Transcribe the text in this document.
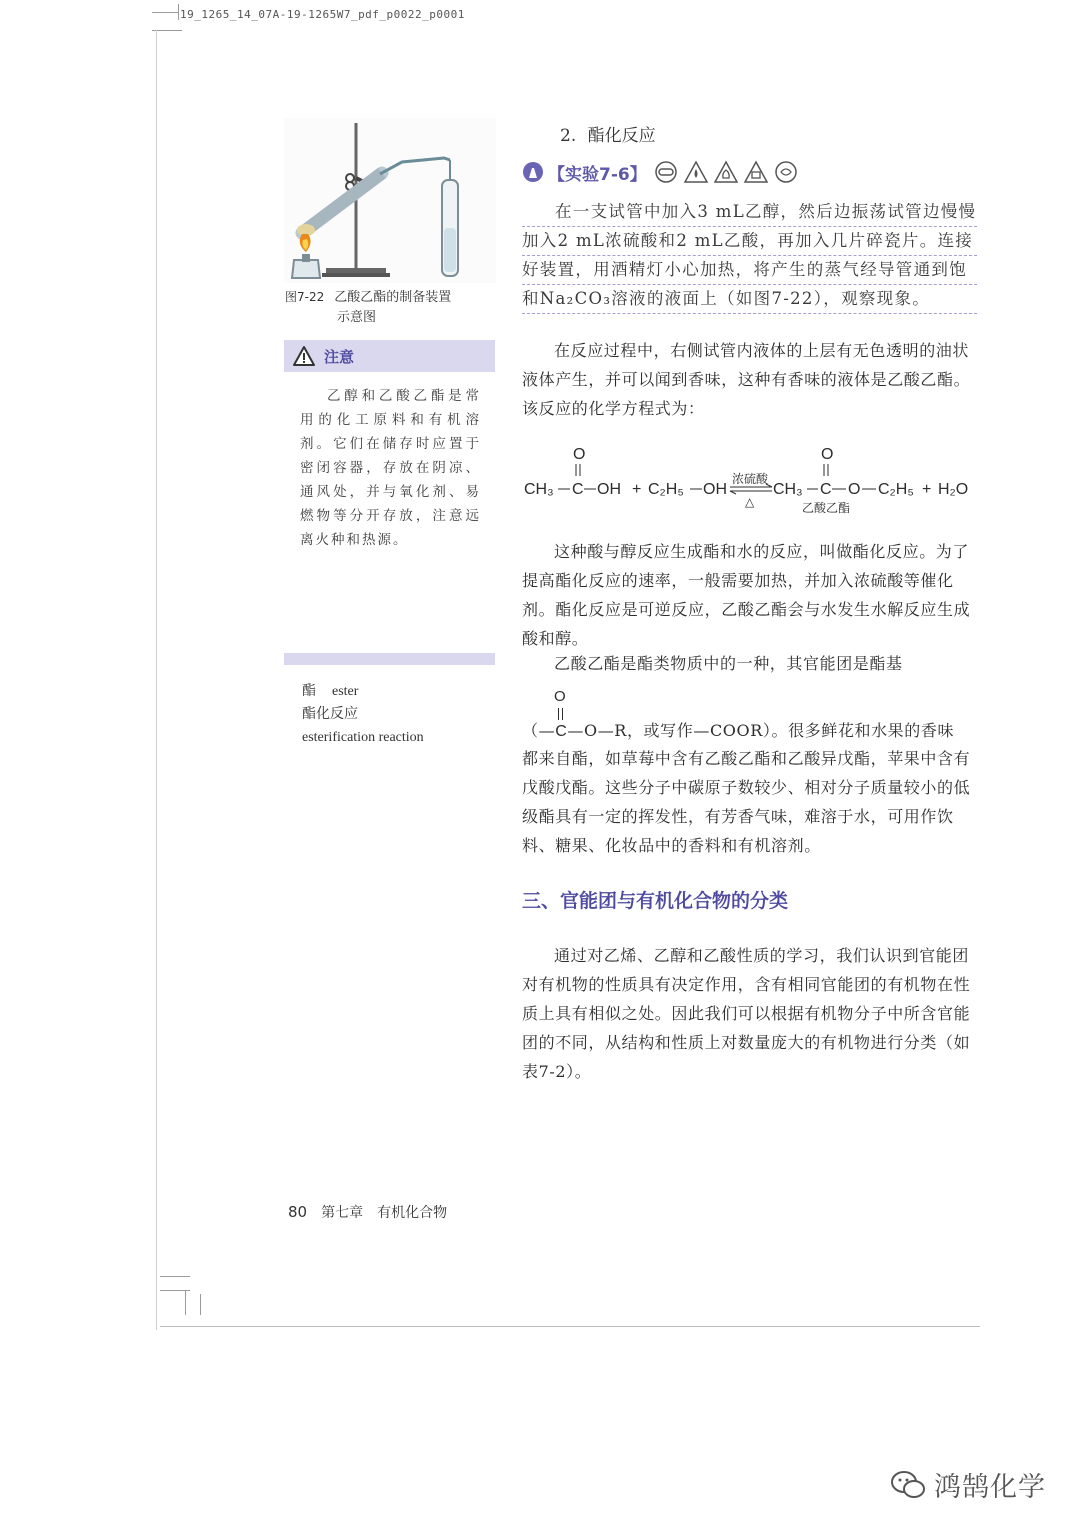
19_1265_14_07A-19-1265W7_pdf_p0022_p0001
图7-22 乙酸乙酯的制备装置
示意图
注意
乙醇和乙酸乙酯是常用的化工原料和有机溶剂。它们在储存时应置于密闭容器，存放在阴凉、通风处，并与氧化剂、易燃物等分开存放，注意远离火种和热源。
酯 ester
酯化反应
esterification reaction
2. 酯化反应
【实验7-6】
在一支试管中加入3 mL乙醇，然后边振荡试管边慢慢
加入2 mL浓硫酸和2 mL乙酸，再加入几片碎瓷片。连接
好装置，用酒精灯小心加热，将产生的蒸气经导管通到饱
和Na₂CO₃溶液的液面上（如图7-22），观察现象。

在反应过程中，右侧试管内液体的上层有无色透明的油状液体产生，并可以闻到香味，这种有香味的液体是乙酸乙酯。该反应的化学方程式为：

O
CH₃ C OH + C₂H₅ OH
浓硫酸
△
CH₃
O
C O C₂H₅ + H₂O
乙酸乙酯

这种酸与醇反应生成酯和水的反应，叫做酯化反应。为了提高酯化反应的速率，一般需要加热，并加入浓硫酸等催化剂。酯化反应是可逆反应，乙酸乙酯会与水发生水解反应生成酸和醇。

乙酸乙酯是酯类物质中的一种，其官能团是酯基

O
（—C—O—R，或写作—COOR）。很多鲜花和水果的香味

都来自酯，如草莓中含有乙酸乙酯和乙酸异戊酯，苹果中含有戊酸戊酯。这些分子中碳原子数较少、相对分子质量较小的低级酯具有一定的挥发性，有芳香气味，难溶于水，可用作饮料、糖果、化妆品中的香料和有机溶剂。

三、官能团与有机化合物的分类

通过对乙烯、乙醇和乙酸性质的学习，我们认识到官能团对有机物的性质具有决定作用，含有相同官能团的有机物在性质上具有相似之处。因此我们可以根据有机物分子中所含官能团的不同，从结构和性质上对数量庞大的有机物进行分类（如表7-2）。

80 第七章 有机化合物
鸿鹄化学
